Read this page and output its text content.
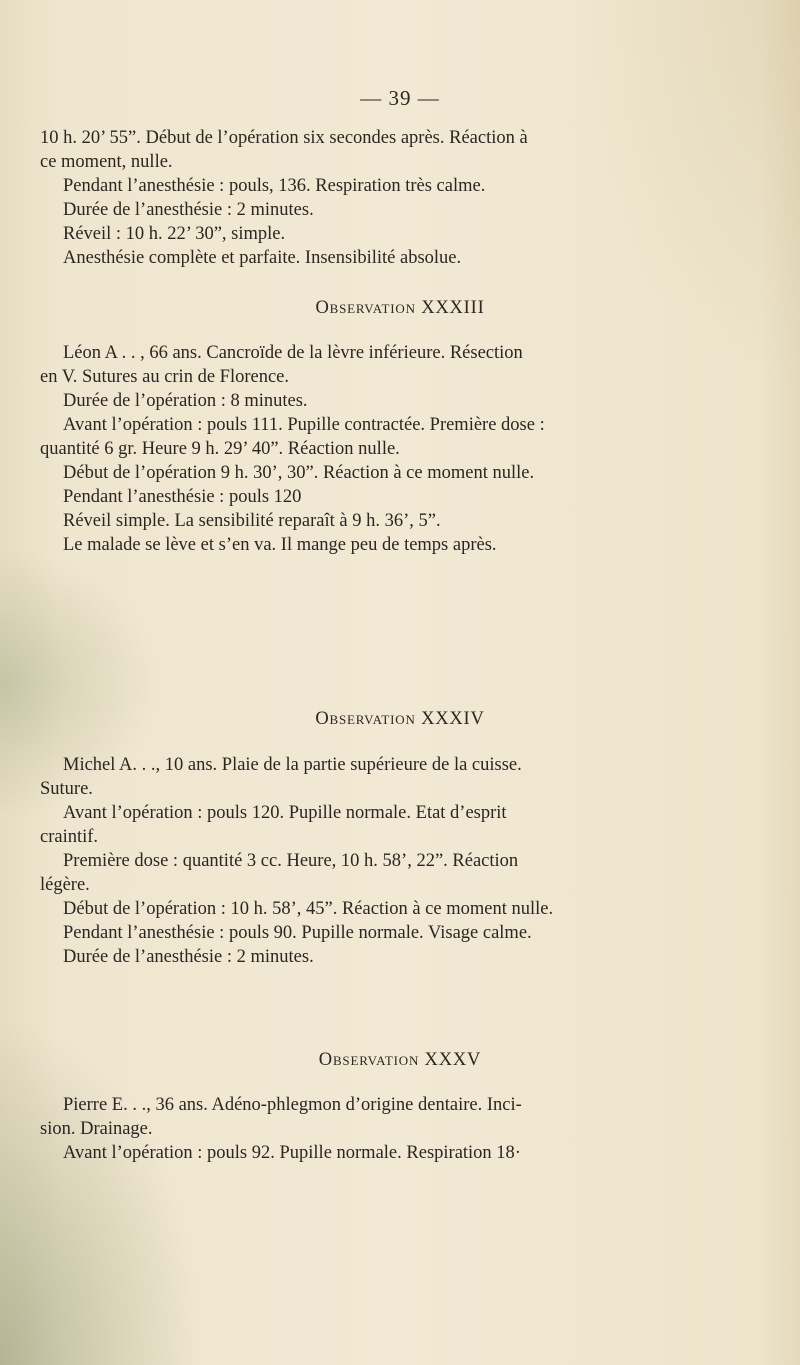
— 39 —

10 h. 20’ 55”. Début de l’opération six secondes après. Réaction à

ce moment, nulle.

Pendant l’anesthésie : pouls, 136. Respiration très calme.

Durée de l’anesthésie : 2 minutes.

Réveil : 10 h. 22’ 30”, simple.

Anesthésie complète et parfaite. Insensibilité absolue.

Observation XXXIII

Léon A . . , 66 ans. Cancroïde de la lèvre inférieure. Résection

en V. Sutures au crin de Florence.

Durée de l’opération : 8 minutes.

Avant l’opération : pouls 111. Pupille contractée. Première dose :

quantité 6 gr. Heure 9 h. 29’ 40”. Réaction nulle.

Début de l’opération 9 h. 30’, 30”. Réaction à ce moment nulle.

Pendant l’anesthésie : pouls 120

Réveil simple. La sensibilité reparaît à 9 h. 36’, 5”.

Le malade se lève et s’en va. Il mange peu de temps après.

Observation XXXIV

Michel A. . ., 10 ans. Plaie de la partie supérieure de la cuisse.

Suture.

Avant l’opération : pouls 120. Pupille normale. Etat d’esprit

craintif.

Première dose : quantité 3 cc. Heure, 10 h. 58’, 22”. Réaction

légère.

Début de l’opération : 10 h. 58’, 45”. Réaction à ce moment nulle.

Pendant l’anesthésie : pouls 90. Pupille normale. Visage calme.

Durée de l’anesthésie : 2 minutes.

Observation XXXV

Pierre E. . ., 36 ans. Adéno-phlegmon d’origine dentaire. Inci-

sion. Drainage.

Avant l’opération : pouls 92. Pupille normale. Respiration 18·
